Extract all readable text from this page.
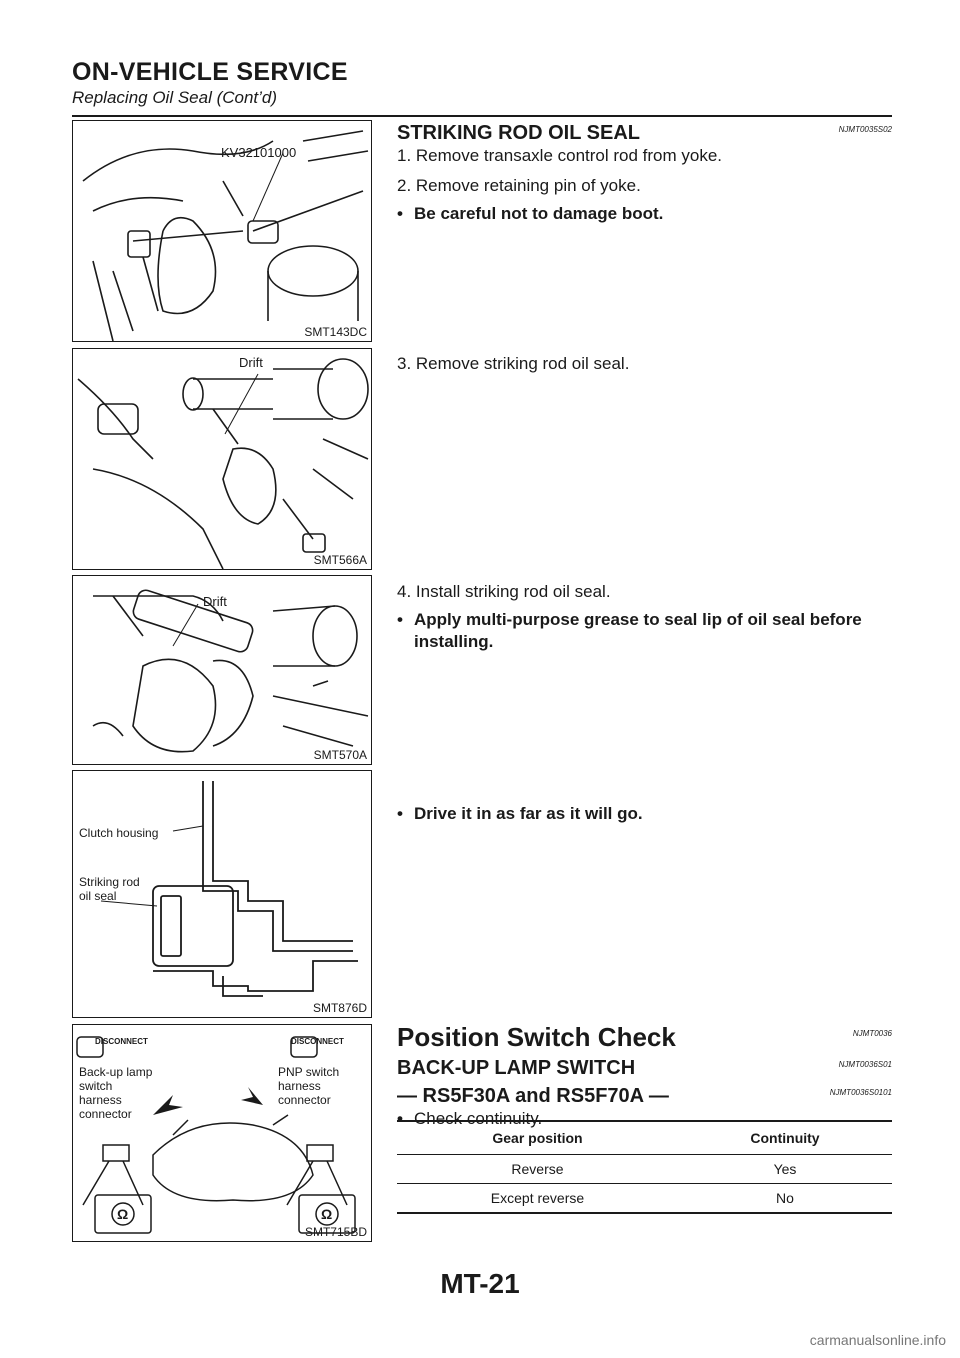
ON-VEHICLE SERVICE
Replacing Oil Seal (Cont’d)
KV32101000
SMT143DC
Drift
SMT566A
Drift
SMT570A
Clutch housing
Striking rod
oil seal
SMT876D
Ω	Ω
DISCONNECT
Back-up lamp
switch
harness
connector
DISCONNECT
PNP switch
harness
connector
SMT715BD
STRIKING ROD OIL SEAL	NJMT0035S02

1. Remove transaxle control rod from yoke.

2. Remove retaining pin of yoke.

• Be careful not to damage boot.

3. Remove striking rod oil seal.

4. Install striking rod oil seal.

• Apply multi-purpose grease to seal lip of oil seal before installing.
• Drive it in as far as it will go.
Position Switch Check	NJMT0036
BACK-UP LAMP SWITCH	NJMT0036S01
— RS5F30A and RS5F70A —	NJMT0036S0101
• Check continuity.
Gear position	Continuity
Reverse	Yes
Except reverse	No
MT-21
carmanualsonline.info
